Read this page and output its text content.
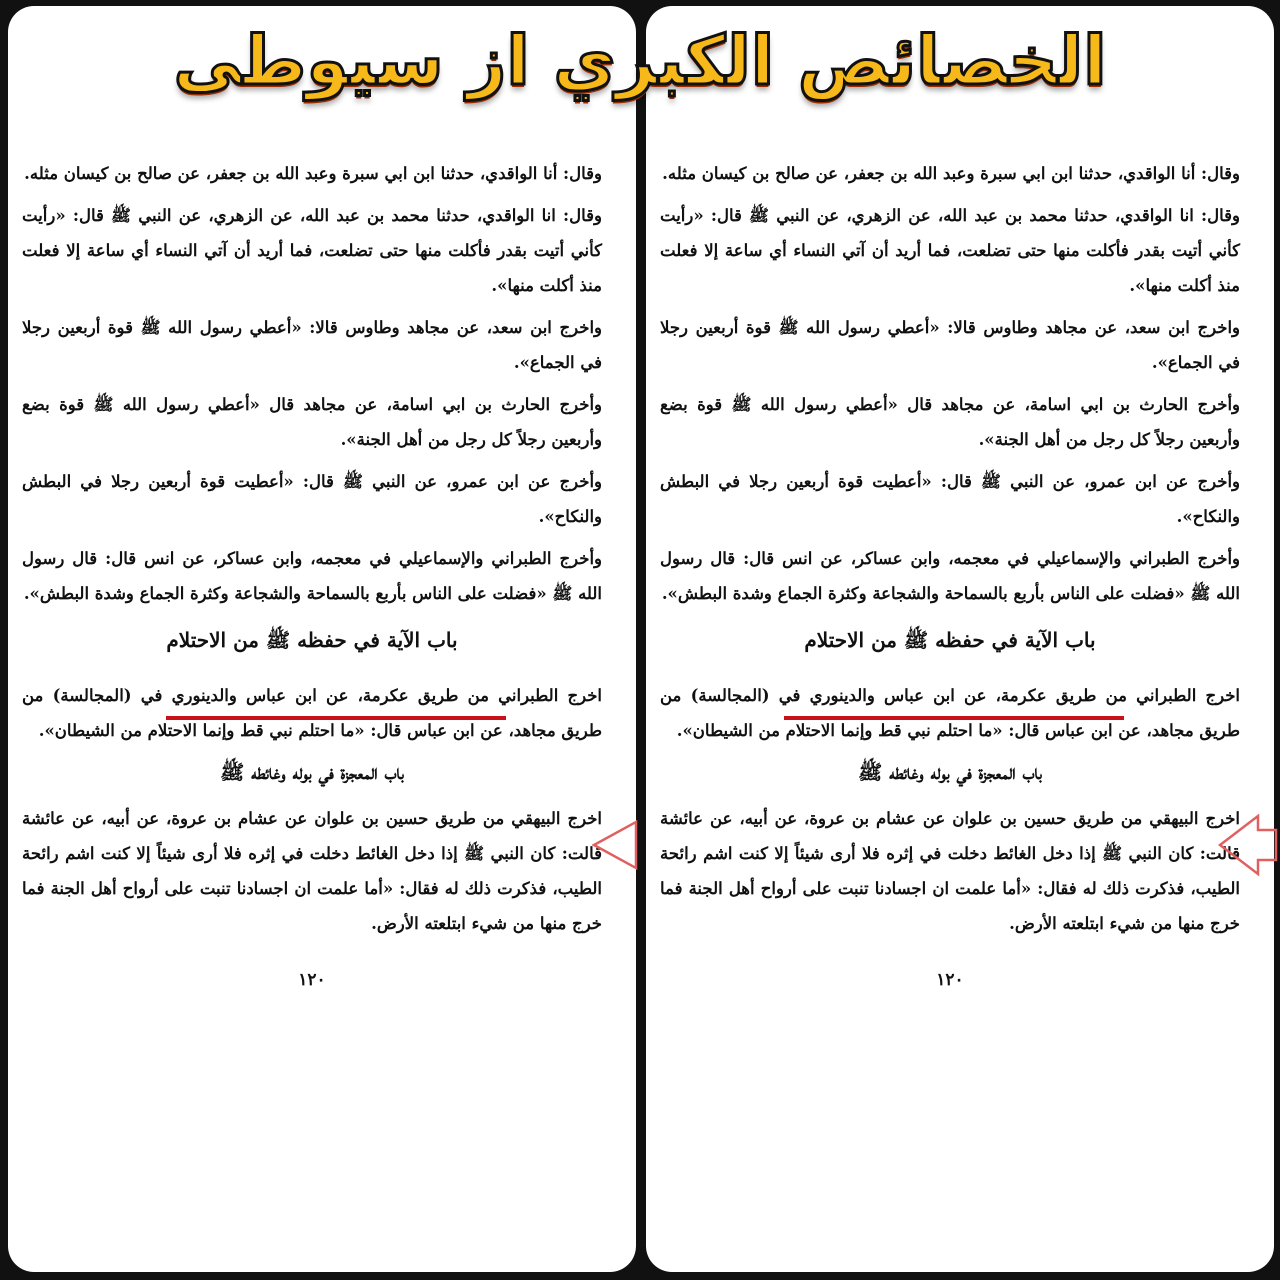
وقال: أنا الواقدي، حدثنا ابن ابي سبرة وعبد الله بن جعفر، عن صالح بن كيسان مثله.

وقال: انا الواقدي، حدثنا محمد بن عبد الله، عن الزهري، عن النبي ﷺ قال: «رأيت كأني أتيت بقدر فأكلت منها حتى تضلعت، فما أريد أن آتي النساء أي ساعة إلا فعلت منذ أكلت منها».

واخرج ابن سعد، عن مجاهد وطاوس قالا: «أعطي رسول الله ﷺ قوة أربعين رجلا في الجماع».

وأخرج الحارث بن ابي اسامة، عن مجاهد قال «أعطي رسول الله ﷺ قوة بضع وأربعين رجلاً كل رجل من أهل الجنة».

وأخرج عن ابن عمرو، عن النبي ﷺ قال: «أعطيت قوة أربعين رجلا في البطش والنكاح».

وأخرج الطبراني والإسماعيلي في معجمه، وابن عساكر، عن انس قال: قال رسول الله ﷺ «فضلت على الناس بأربع بالسماحة والشجاعة وكثرة الجماع وشدة البطش».

باب الآية في حفظه ﷺ من الاحتلام

اخرج الطبراني من طريق عكرمة، عن ابن عباس والدينوري في (المجالسة) من طريق مجاهد، عن ابن عباس قال: «ما احتلم نبي قط وإنما الاحتلام من الشيطان».

باب المعجزة في بوله وغائطه ﷺ

اخرج البيهقي من طريق حسين بن علوان عن عشام بن عروة، عن أبيه، عن عائشة قالت: كان النبي ﷺ إذا دخل الغائط دخلت في إثره فلا أرى شيئاً إلا كنت اشم رائحة الطيب، فذكرت ذلك له فقال: «أما علمت ان اجسادنا تنبت على أرواح أهل الجنة فما خرج منها من شيء ابتلعته الأرض.

١٢٠

وقال: أنا الواقدي، حدثنا ابن ابي سبرة وعبد الله بن جعفر، عن صالح بن كيسان مثله.

وقال: انا الواقدي، حدثنا محمد بن عبد الله، عن الزهري، عن النبي ﷺ قال: «رأيت كأني أتيت بقدر فأكلت منها حتى تضلعت، فما أريد أن آتي النساء أي ساعة إلا فعلت منذ أكلت منها».

واخرج ابن سعد، عن مجاهد وطاوس قالا: «أعطي رسول الله ﷺ قوة أربعين رجلا في الجماع».

وأخرج الحارث بن ابي اسامة، عن مجاهد قال «أعطي رسول الله ﷺ قوة بضع وأربعين رجلاً كل رجل من أهل الجنة».

وأخرج عن ابن عمرو، عن النبي ﷺ قال: «أعطيت قوة أربعين رجلا في البطش والنكاح».

وأخرج الطبراني والإسماعيلي في معجمه، وابن عساكر، عن انس قال: قال رسول الله ﷺ «فضلت على الناس بأربع بالسماحة والشجاعة وكثرة الجماع وشدة البطش».

باب الآية في حفظه ﷺ من الاحتلام

اخرج الطبراني من طريق عكرمة، عن ابن عباس والدينوري في (المجالسة) من طريق مجاهد، عن ابن عباس قال: «ما احتلم نبي قط وإنما الاحتلام من الشيطان».

باب المعجزة في بوله وغائطه ﷺ

اخرج البيهقي من طريق حسين بن علوان عن عشام بن عروة، عن أبيه، عن عائشة قالت: كان النبي ﷺ إذا دخل الغائط دخلت في إثره فلا أرى شيئاً إلا كنت اشم رائحة الطيب، فذكرت ذلك له فقال: «أما علمت ان اجسادنا تنبت على أرواح أهل الجنة فما خرج منها من شيء ابتلعته الأرض.

١٢٠
الخصائص الكبري از سيوطى
